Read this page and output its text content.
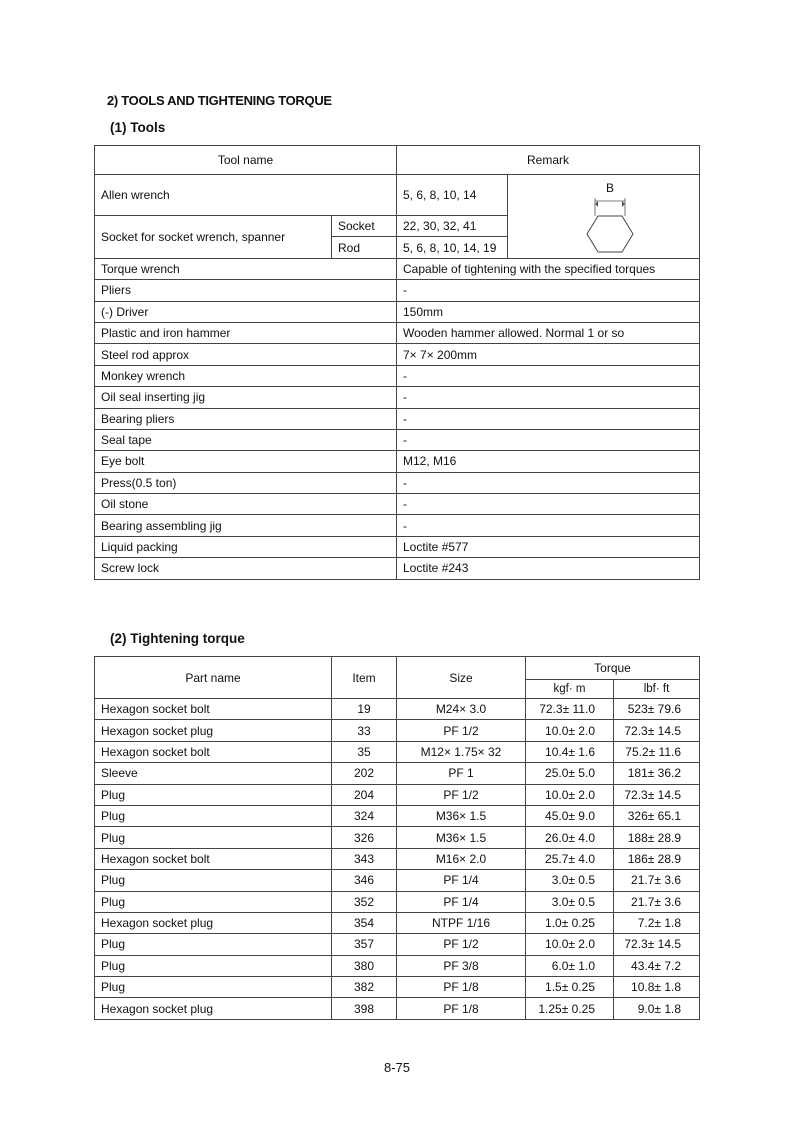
2) TOOLS AND TIGHTENING TORQUE
(1) Tools
Tool name		Remark	
Allen wrench		5, 6, 8, 10, 14	B

Socket for socket wrench, spanner	Socket	22, 30, 32, 41	
	Rod	5, 6, 8, 10, 14, 19	
Torque wrench		Capable of tightening with the specified torques	
Pliers		-	
(-) Driver		150mm	
Plastic and iron hammer		Wooden hammer allowed. Normal 1 or so	
Steel rod approx		7× 7× 200mm	
Monkey wrench		-	
Oil seal inserting jig		-	
Bearing pliers		-	
Seal tape		-	
Eye bolt		M12, M16	
Press(0.5 ton)		-	
Oil stone		-	
Bearing assembling jig		-	
Liquid packing		Loctite #577	
Screw lock		Loctite #243	
(2) Tightening torque
Part name	Item	Size	Torque	
			kgf· m	lbf· ft
Hexagon socket bolt	19	M24× 3.0	72.3± 11.0	523± 79.6
Hexagon socket plug	33	PF 1/2	10.0± 2.0	72.3± 14.5
Hexagon socket bolt	35	M12× 1.75× 32	10.4± 1.6	75.2± 11.6
Sleeve	202	PF 1	25.0± 5.0	181± 36.2
Plug	204	PF 1/2	10.0± 2.0	72.3± 14.5
Plug	324	M36× 1.5	45.0± 9.0	326± 65.1
Plug	326	M36× 1.5	26.0± 4.0	188± 28.9
Hexagon socket bolt	343	M16× 2.0	25.7± 4.0	186± 28.9
Plug	346	PF 1/4	3.0± 0.5	21.7± 3.6
Plug	352	PF 1/4	3.0± 0.5	21.7± 3.6
Hexagon socket plug	354	NTPF 1/16	1.0± 0.25	7.2± 1.8
Plug	357	PF 1/2	10.0± 2.0	72.3± 14.5
Plug	380	PF 3/8	6.0± 1.0	43.4± 7.2
Plug	382	PF 1/8	1.5± 0.25	10.8± 1.8
Hexagon socket plug	398	PF 1/8	1.25± 0.25	9.0± 1.8
8-75
